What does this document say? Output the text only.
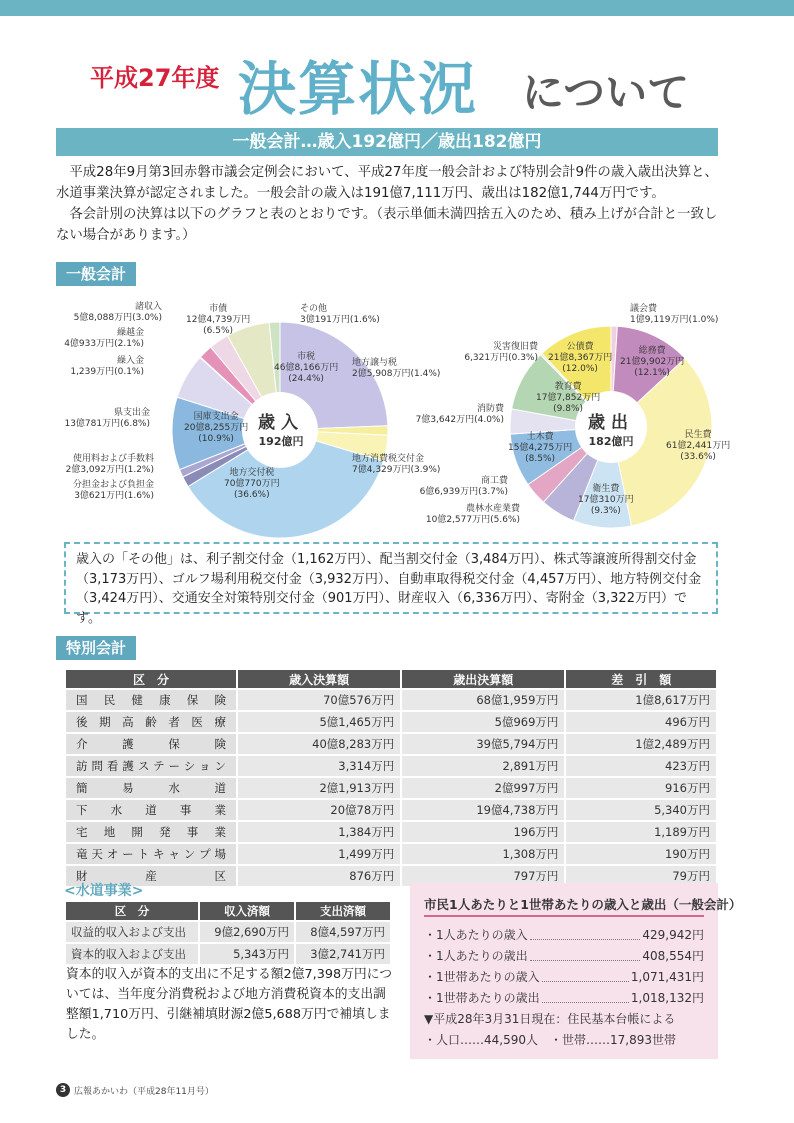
平成27年度 決算状況 について
一般会計…歳入192億円／歳出182億円

平成28年9月第3回赤磐市議会定例会において、平成27年度一般会計および特別会計9件の歳入歳出決算と、水道事業決算が認定されました。一般会計の歳入は191億7,111万円、歳出は182億1,744万円です。

各会計別の決算は以下のグラフと表のとおりです。（表示単価未満四捨五入のため、積み上げが合計と一致しない場合があります。）

一般会計
歳入
192億円
市税
46億8,166万円
(24.4%)
地方譲与税
2億5,908万円(1.4%)
地方消費税交付金
7億4,329万円(3.9%)
地方交付税
70億770万円
(36.6%)
分担金および負担金
3億621万円(1.6%)
使用料および手数料
2億3,092万円(1.2%)
国庫支出金
20億8,255万円
(10.9%)
県支出金
13億781万円(6.8%)
繰入金
1,239万円(0.1%)
繰越金
4億933万円(2.1%)
諸収入
5億8,088万円(3.0%)
市債
12億4,739万円
(6.5%)
その他
3億191万円(1.6%)
歳出
182億円
議会費
1億9,119万円(1.0%)
総務費
21億9,902万円
(12.1%)
民生費
61億2,441万円
(33.6%)
衛生費
17億310万円
(9.3%)
農林水産業費
10億2,577万円(5.6%)
商工費
6億6,939万円(3.7%)
土木費
15億4,275万円
(8.5%)
消防費
7億3,642万円(4.0%)
教育費
17億7,852万円
(9.8%)
災害復旧費
6,321万円(0.3%)
公債費
21億8,367万円
(12.0%)
歳入の「その他」は、利子割交付金（1,162万円）、配当割交付金（3,484万円）、株式等譲渡所得割交付金（3,173万円）、ゴルフ場利用税交付金（3,932万円）、自動車取得税交付金（4,457万円）、地方特例交付金（3,424万円）、交通安全対策特別交付金（901万円）、財産収入（6,336万円）、寄附金（3,322万円）です。
特別会計
区　分	歳入決算額	歳出決算額	差　引　額
国民健康保険	70億576万円	68億1,959万円	1億8,617万円
後期高齢者医療	5億1,465万円	5億969万円	496万円
介護保険	40億8,283万円	39億5,794万円	1億2,489万円
訪問看護ステーション	3,314万円	2,891万円	423万円
簡易水道	2億1,913万円	2億997万円	916万円
下水道事業	20億78万円	19億4,738万円	5,340万円
宅地開発事業	1,384万円	196万円	1,189万円
竜天オートキャンプ場	1,499万円	1,308万円	190万円
財産区	876万円	797万円	79万円
<水道事業>
区　分	収入済額	支出済額
収益的収入および支出	9億2,690万円	8億4,597万円
資本的収入および支出	5,343万円	3億2,741万円
資本的収入が資本的支出に不足する額2億7,398万円については、当年度分消費税および地方消費税資本的支出調整額1,710万円、引継補填財源2億5,688万円で補填しました。
市民1人あたりと1世帯あたりの歳入と歳出（一般会計）
・ 1人あたりの歳入	429,942円
・ 1人あたりの歳出	408,554円
・ 1世帯あたりの歳入	1,071,431円
・ 1世帯あたりの歳出	1,018,132円
▼平成28年3月31日現在：住民基本台帳による
・人口……44,590人　・世帯……17,893世帯
3 広報あかいわ（平成28年11月号）
